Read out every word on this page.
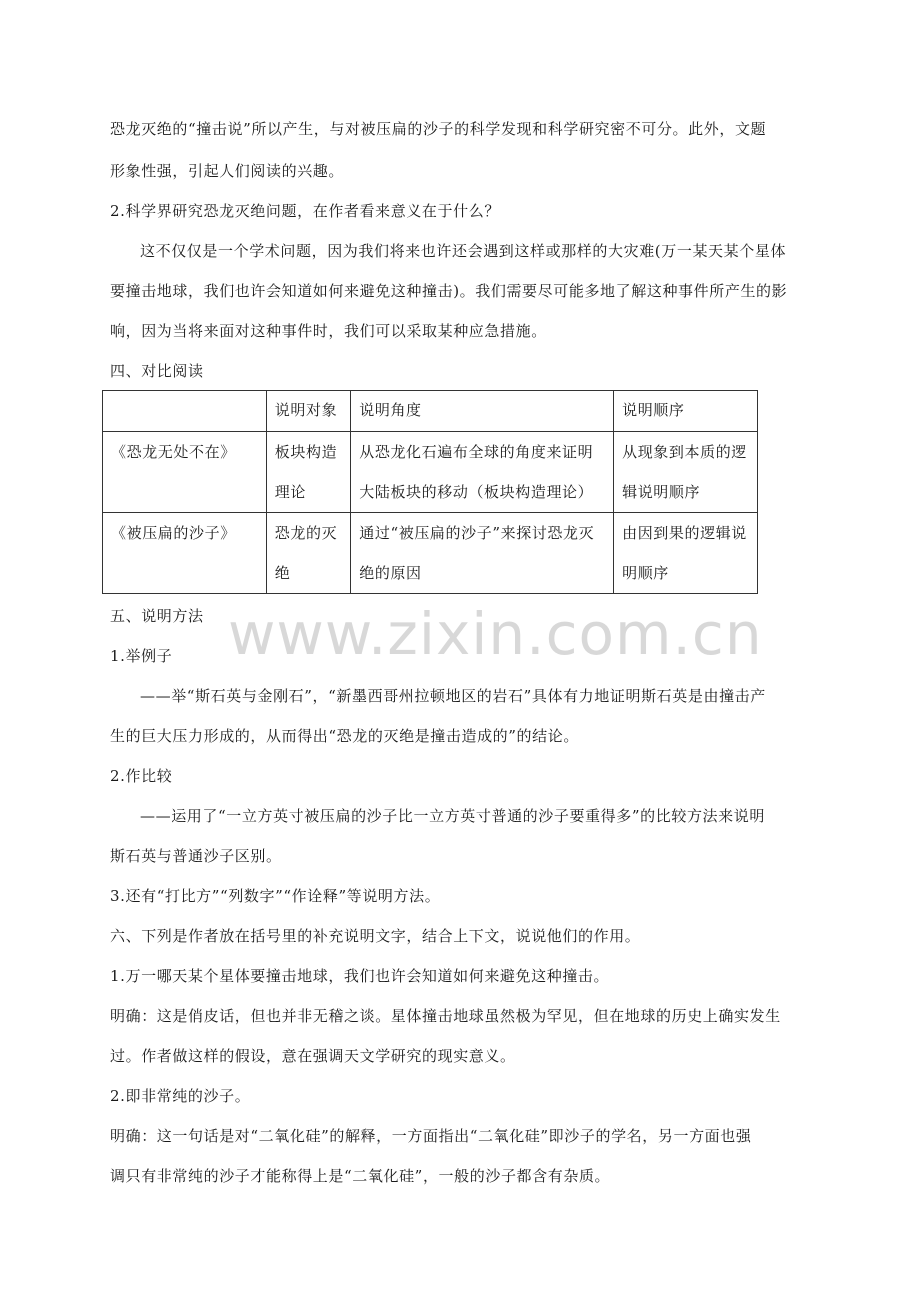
www.zixin.com.cn
恐龙灭绝的“撞击说”所以产生，与对被压扁的沙子的科学发现和科学研究密不可分。此外，文题
形象性强，引起人们阅读的兴趣。
2.科学界研究恐龙灭绝问题，在作者看来意义在于什么？
这不仅仅是一个学术问题，因为我们将来也许还会遇到这样或那样的大灾难(万一某天某个星体
要撞击地球，我们也许会知道如何来避免这种撞击)。我们需要尽可能多地了解这种事件所产生的影
响，因为当将来面对这种事件时，我们可以采取某种应急措施。
四、对比阅读
	说明对象	说明角度	说明顺序
《恐龙无处不在》	板块构造理论	从恐龙化石遍布全球的角度来证明大陆板块的移动（板块构造理论）	从现象到本质的逻辑说明顺序
《被压扁的沙子》	恐龙的灭绝	通过“被压扁的沙子”来探讨恐龙灭绝的原因	由因到果的逻辑说明顺序
五、说明方法
1.举例子
——举“斯石英与金刚石”，“新墨西哥州拉顿地区的岩石”具体有力地证明斯石英是由撞击产
生的巨大压力形成的，从而得出“恐龙的灭绝是撞击造成的”的结论。
2.作比较
——运用了“一立方英寸被压扁的沙子比一立方英寸普通的沙子要重得多”的比较方法来说明
斯石英与普通沙子区别。
3.还有“打比方”“列数字”“作诠释”等说明方法。
六、下列是作者放在括号里的补充说明文字，结合上下文，说说他们的作用。
1.万一哪天某个星体要撞击地球，我们也许会知道如何来避免这种撞击。
明确：这是俏皮话，但也并非无稽之谈。星体撞击地球虽然极为罕见，但在地球的历史上确实发生
过。作者做这样的假设，意在强调天文学研究的现实意义。
2.即非常纯的沙子。
明确：这一句话是对“二氧化硅”的解释，一方面指出“二氧化硅”即沙子的学名，另一方面也强
调只有非常纯的沙子才能称得上是“二氧化硅”，一般的沙子都含有杂质。
